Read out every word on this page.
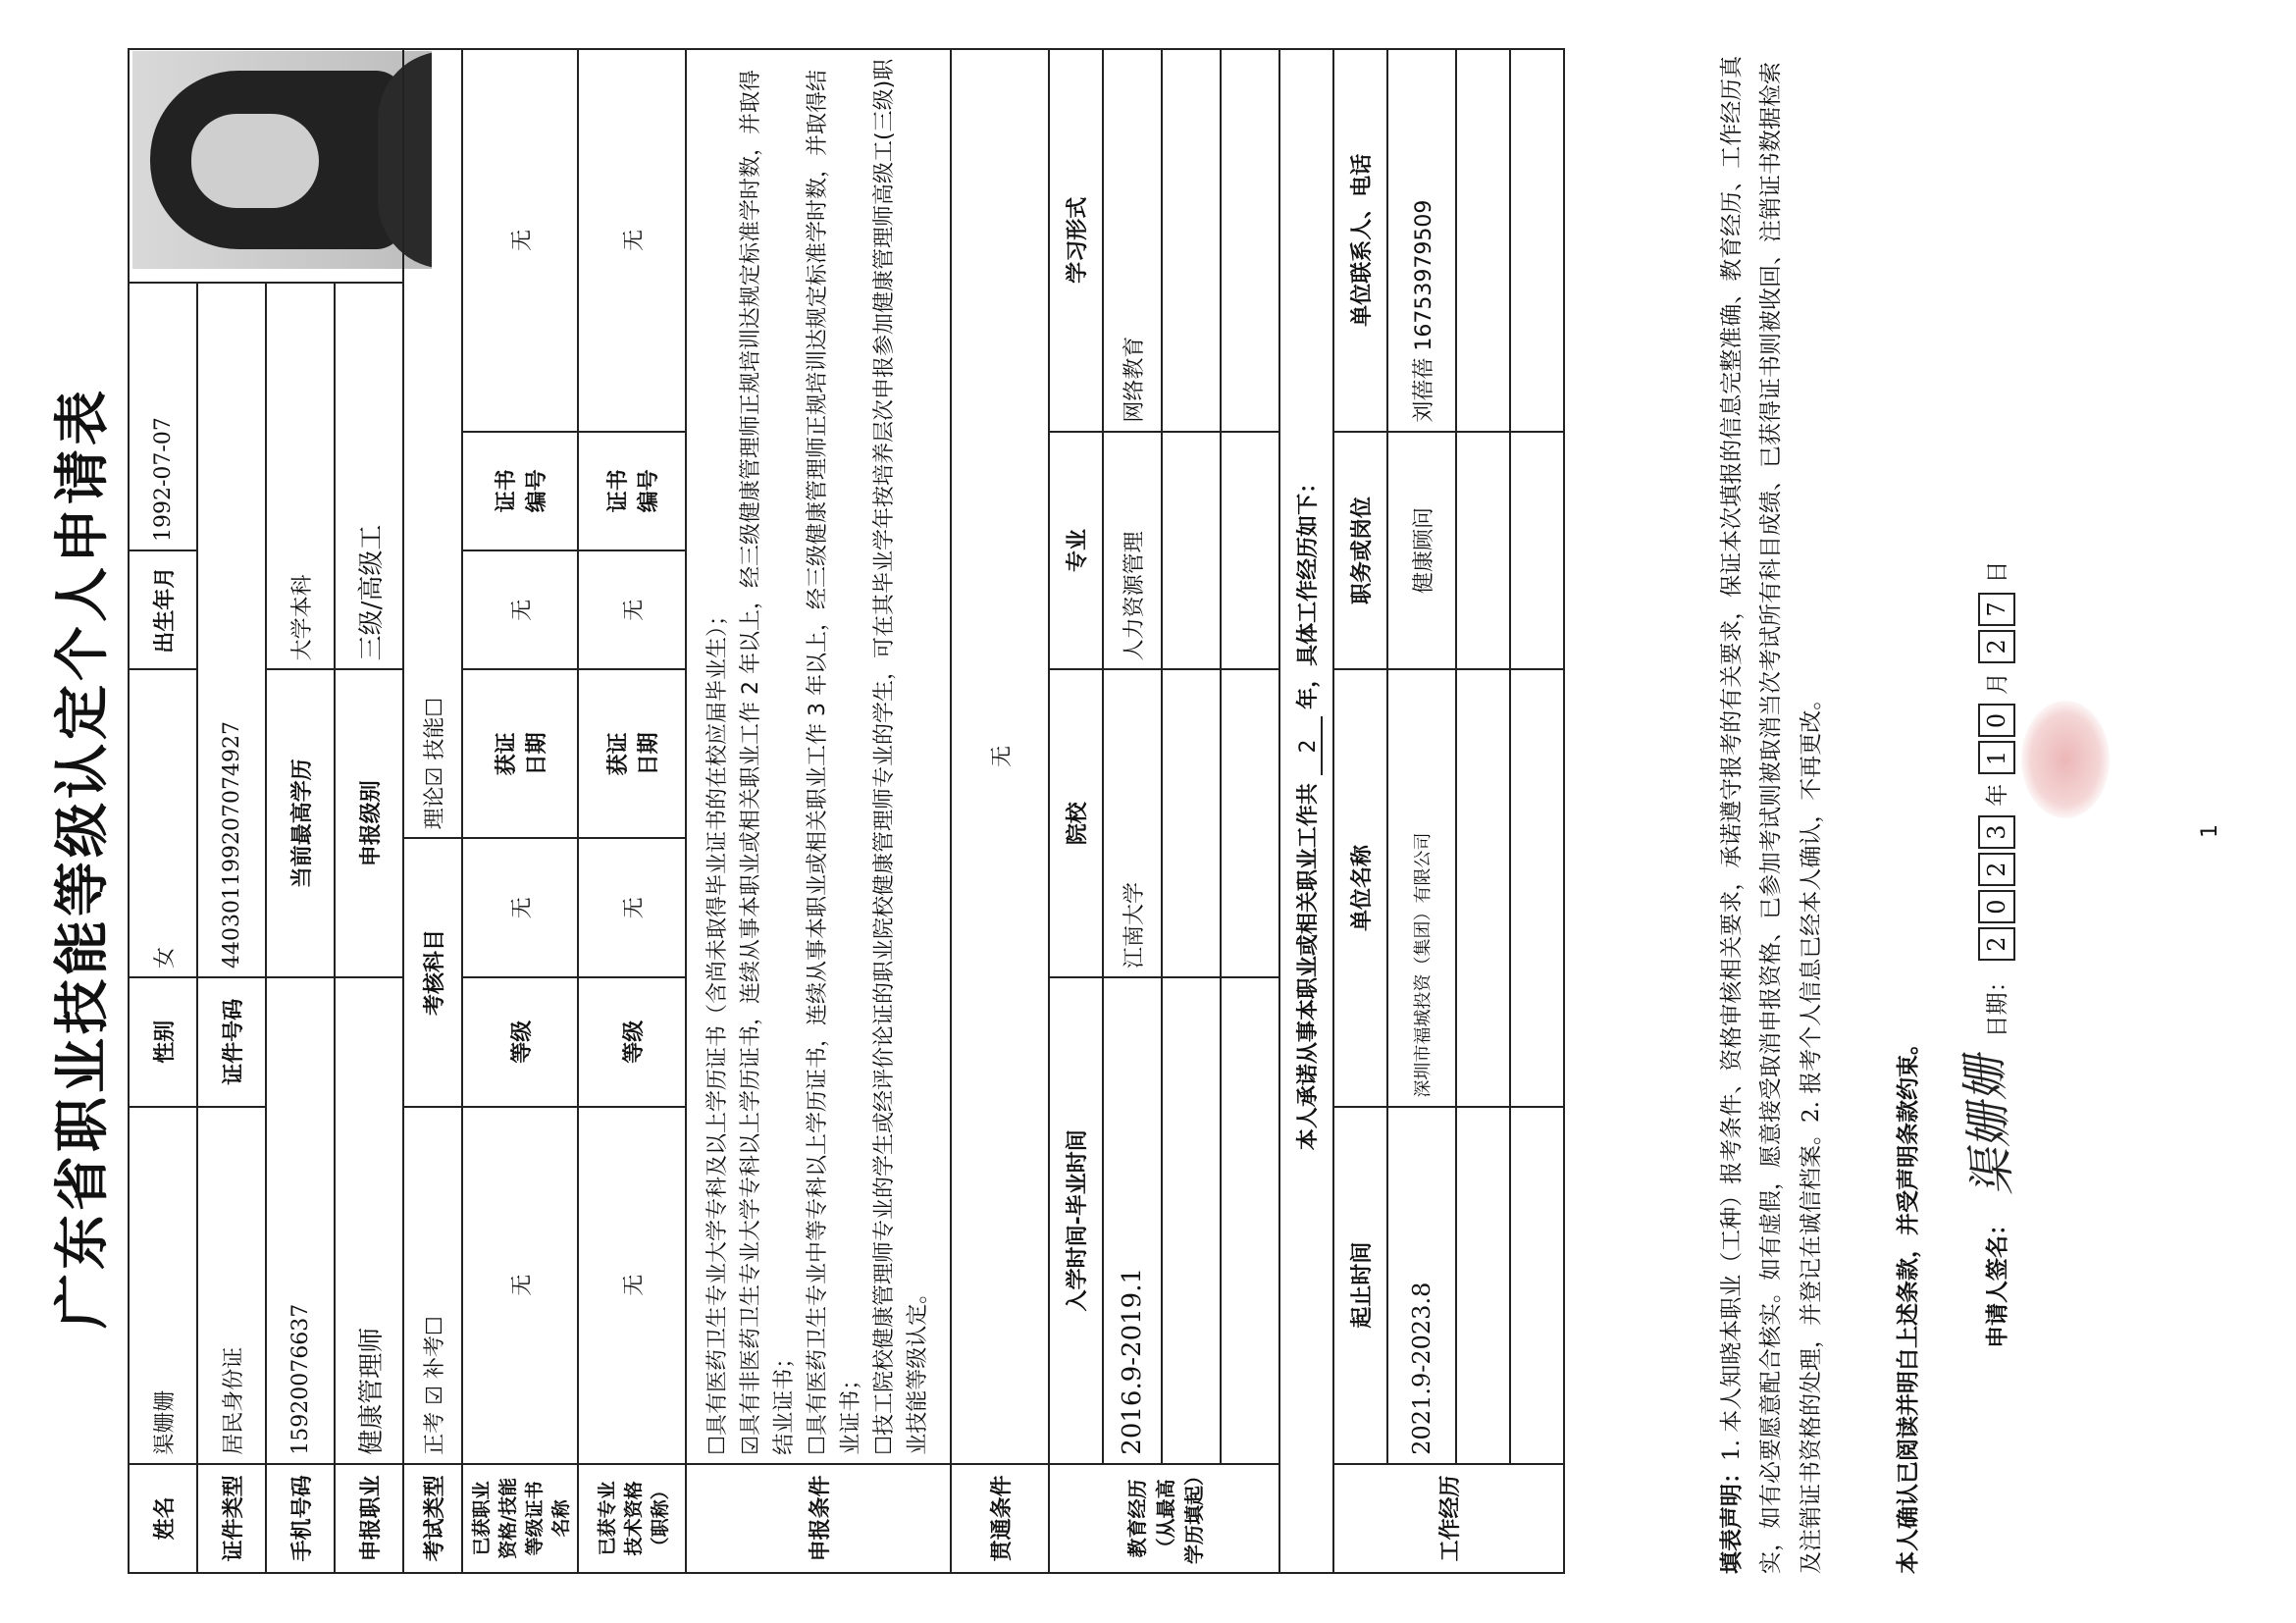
广东省职业技能等级认定个人申请表
姓名	渠姗姗	性别	女		出生年月	1992-07-07		
证件类型	居民身份证	证件号码	440301199207074927					
手机号码	15920076637		当前最高学历		大学本科			
申报职业	健康管理师		申报级别		三级/高级工			
考试类型	正考 ☑ 补考☐	考核科目		理论☑ 技能☐				
已获职业资格/技能等级证书名称	无	等级	无	获证 日期	无	证书 编号	无	
已获专业技术资格（职称）	无	等级	无	获证 日期	无	证书 编号	无	
申报条件	☐具有医药卫生专业大学专科及以上学历证书（含尚未取得毕业证书的在校应届毕业生）； ☑具有非医药卫生专业大学专科以上学历证书，连续从事本职业或相关职业工作 2 年以上，经三级健康管理师正规培训达规定标准学时数，并取得结业证书； ☐具有医药卫生专业中等专科以上学历证书，连续从事本职业或相关职业工作 3 年以上，经三级健康管理师正规培训达规定标准学时数，并取得结业证书； ☐技工院校健康管理师专业的学生或经评价论证的职业院校健康管理师专业的学生，可在其毕业学年按培养层次申报参加健康管理师高级工(三级)职业技能等级认定。							

贯通条件	无							
教育经历（从最高学历填起）	入学时间-毕业时间		院校		专业		学习形式	
	2016.9-2019.1		江南大学		人力资源管理		网络教育	

本人承诺从事本职业或相关职业工作共 2 年，具体工作经历如下：								
工作经历	起止时间	单位名称			职务或岗位		单位联系人、电话	
	2021.9-2023.8	深圳市福城投资（集团）有限公司			健康顾问		刘蓓蓓 16753979509	

填表声明：1. 本人知晓本职业（工种）报考条件、资格审核相关要求，承诺遵守报考的有关要求，保证本次填报的信息完整准确、教育经历、工作经历真实，如有必要愿意配合核实。如有虚假，愿意接受取消申报资格、已参加考试则被取消当次考试所有科目成绩、已获得证书则被收回、注销证书数据检索及注销证书资格的处理，并登记在诚信档案。2. 报考个人信息已经本人确认，不再更改。	本人确认已阅读并明白上述条款，并受声明条款约束。	申请人签名： 渠姗姗 日期： 2023 年 10 月 27 日
1
